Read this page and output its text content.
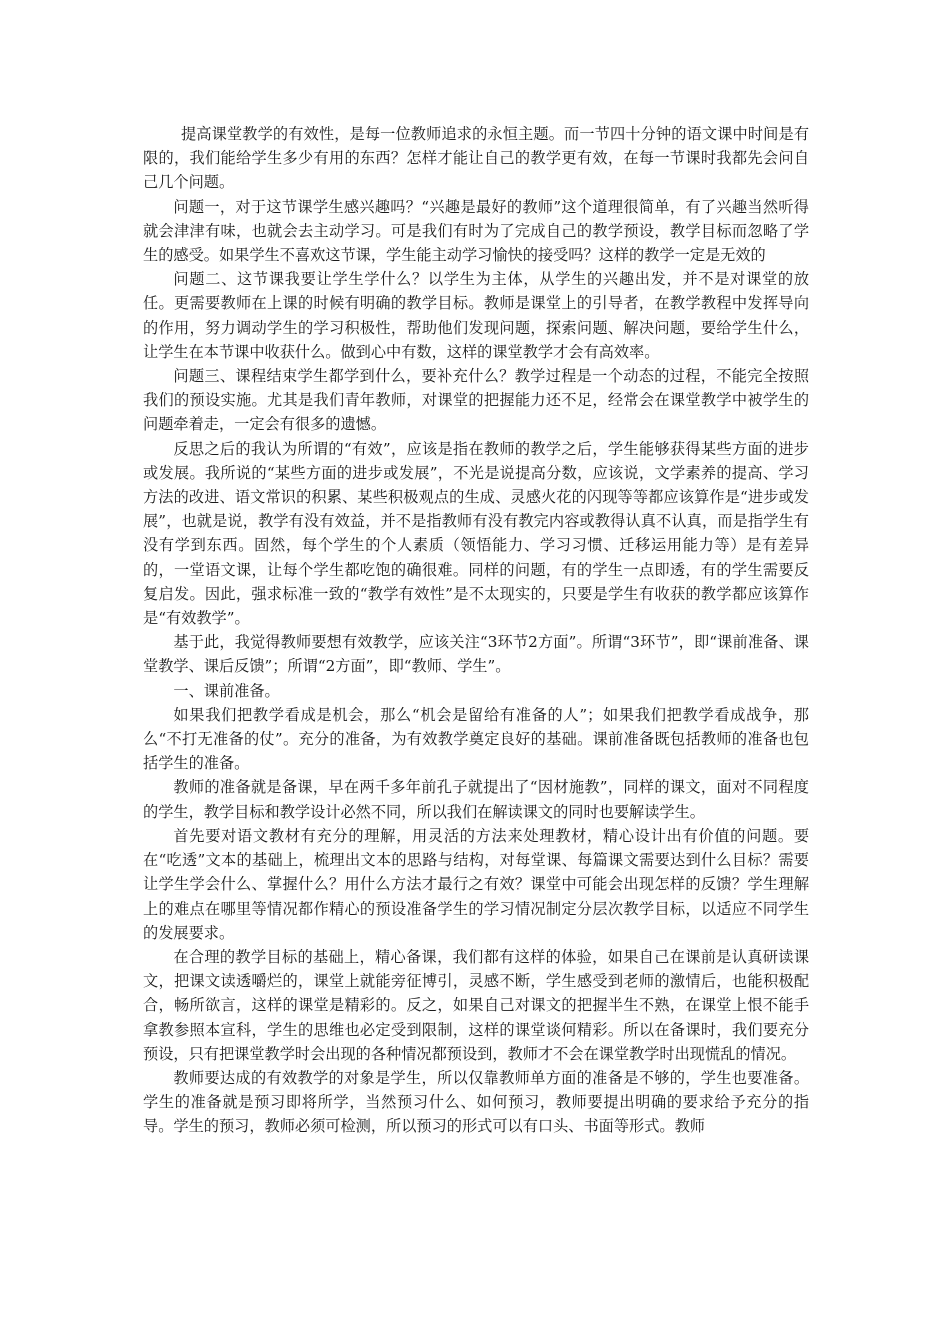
提高课堂教学的有效性，是每一位教师追求的永恒主题。而一节四十分钟的语文课中时间是有限的，我们能给学生多少有用的东西？怎样才能让自己的教学更有效，在每一节课时我都先会问自己几个问题。

问题一，对于这节课学生感兴趣吗？“兴趣是最好的教师”这个道理很简单，有了兴趣当然听得就会津津有味，也就会去主动学习。可是我们有时为了完成自己的教学预设，教学目标而忽略了学生的感受。如果学生不喜欢这节课，学生能主动学习愉快的接受吗？这样的教学一定是无效的

问题二、这节课我要让学生学什么？以学生为主体，从学生的兴趣出发，并不是对课堂的放任。更需要教师在上课的时候有明确的教学目标。教师是课堂上的引导者，在教学教程中发挥导向的作用，努力调动学生的学习积极性，帮助他们发现问题，探索问题、解决问题，要给学生什么，让学生在本节课中收获什么。做到心中有数，这样的课堂教学才会有高效率。

问题三、课程结束学生都学到什么，要补充什么？教学过程是一个动态的过程，不能完全按照我们的预设实施。尤其是我们青年教师，对课堂的把握能力还不足，经常会在课堂教学中被学生的问题牵着走，一定会有很多的遗憾。

反思之后的我认为所谓的“有效”，应该是指在教师的教学之后，学生能够获得某些方面的进步或发展。我所说的“某些方面的进步或发展”，不光是说提高分数，应该说，文学素养的提高、学习方法的改进、语文常识的积累、某些积极观点的生成、灵感火花的闪现等等都应该算作是“进步或发展”，也就是说，教学有没有效益，并不是指教师有没有教完内容或教得认真不认真，而是指学生有没有学到东西。固然，每个学生的个人素质（领悟能力、学习习惯、迁移运用能力等）是有差异的，一堂语文课，让每个学生都吃饱的确很难。同样的问题，有的学生一点即透，有的学生需要反复启发。因此，强求标准一致的“教学有效性”是不太现实的，只要是学生有收获的教学都应该算作是“有效教学”。

基于此，我觉得教师要想有效教学，应该关注“3环节2方面”。所谓“3环节”，即“课前准备、课堂教学、课后反馈”；所谓“2方面”，即“教师、学生”。

一、课前准备。

如果我们把教学看成是机会，那么“机会是留给有准备的人”；如果我们把教学看成战争，那么“不打无准备的仗”。充分的准备，为有效教学奠定良好的基础。课前准备既包括教师的准备也包括学生的准备。

教师的准备就是备课，早在两千多年前孔子就提出了“因材施教”，同样的课文，面对不同程度的学生，教学目标和教学设计必然不同，所以我们在解读课文的同时也要解读学生。

首先要对语文教材有充分的理解，用灵活的方法来处理教材，精心设计出有价值的问题。要在“吃透”文本的基础上，梳理出文本的思路与结构，对每堂课、每篇课文需要达到什么目标？需要让学生学会什么、掌握什么？用什么方法才最行之有效？课堂中可能会出现怎样的反馈？学生理解上的难点在哪里等情况都作精心的预设准备学生的学习情况制定分层次教学目标，以适应不同学生的发展要求。

在合理的教学目标的基础上，精心备课，我们都有这样的体验，如果自己在课前是认真研读课文，把课文读透嚼烂的，课堂上就能旁征博引，灵感不断，学生感受到老师的激情后，也能积极配合，畅所欲言，这样的课堂是精彩的。反之，如果自己对课文的把握半生不熟，在课堂上恨不能手拿教参照本宣科，学生的思维也必定受到限制，这样的课堂谈何精彩。所以在备课时，我们要充分预设，只有把课堂教学时会出现的各种情况都预设到，教师才不会在课堂教学时出现慌乱的情况。

教师要达成的有效教学的对象是学生，所以仅靠教师单方面的准备是不够的，学生也要准备。学生的准备就是预习即将所学，当然预习什么、如何预习，教师要提出明确的要求给予充分的指导。学生的预习，教师必须可检测，所以预习的形式可以有口头、书面等形式。教师
